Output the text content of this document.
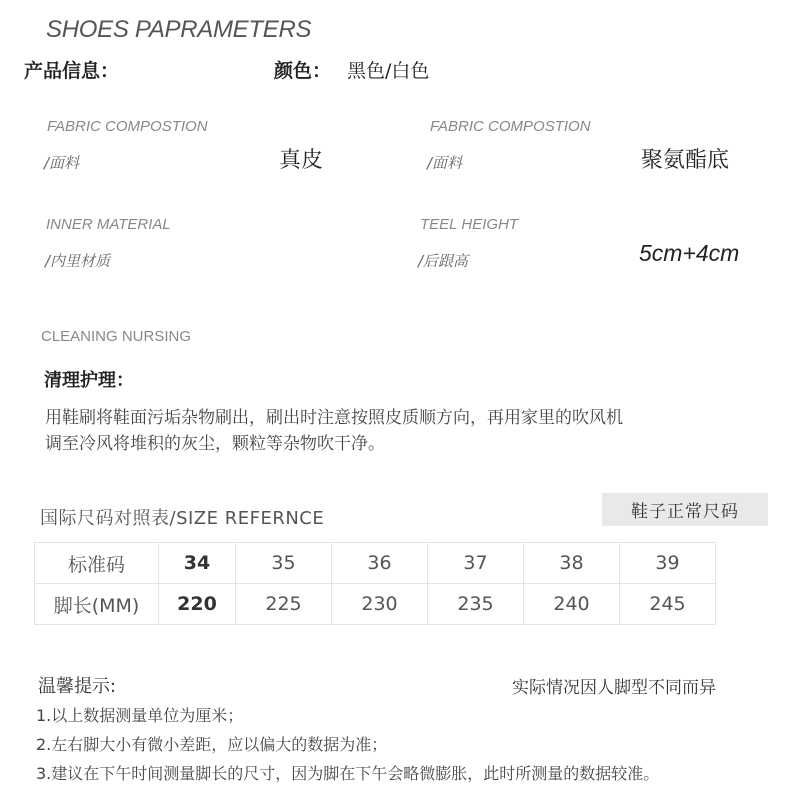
SHOES PAPRAMETERS
产品信息：	颜色： 黑色/白色
FABRIC COMPOSTION
/面料	真皮
FABRIC COMPOSTION
/面料	聚氨酯底
INNER MATERIAL
/内里材质
TEEL HEIGHT
/后跟高	5cm+4cm
CLEANING NURSING
清理护理：
用鞋刷将鞋面污垢杂物刷出，刷出时注意按照皮质顺方向，再用家里的吹风机
调至冷风将堆积的灰尘，颗粒等杂物吹干净。
国际尺码对照表/SIZE REFERNCE	鞋子正常尺码
标准码	34	35	36	37	38	39
脚长(MM)	220	225	230	235	240	245
温馨提示:	实际情况因人脚型不同而异
1.以上数据测量单位为厘米；
2.左右脚大小有微小差距，应以偏大的数据为准；
3.建议在下午时间测量脚长的尺寸，因为脚在下午会略微膨胀，此时所测量的数据较准。
